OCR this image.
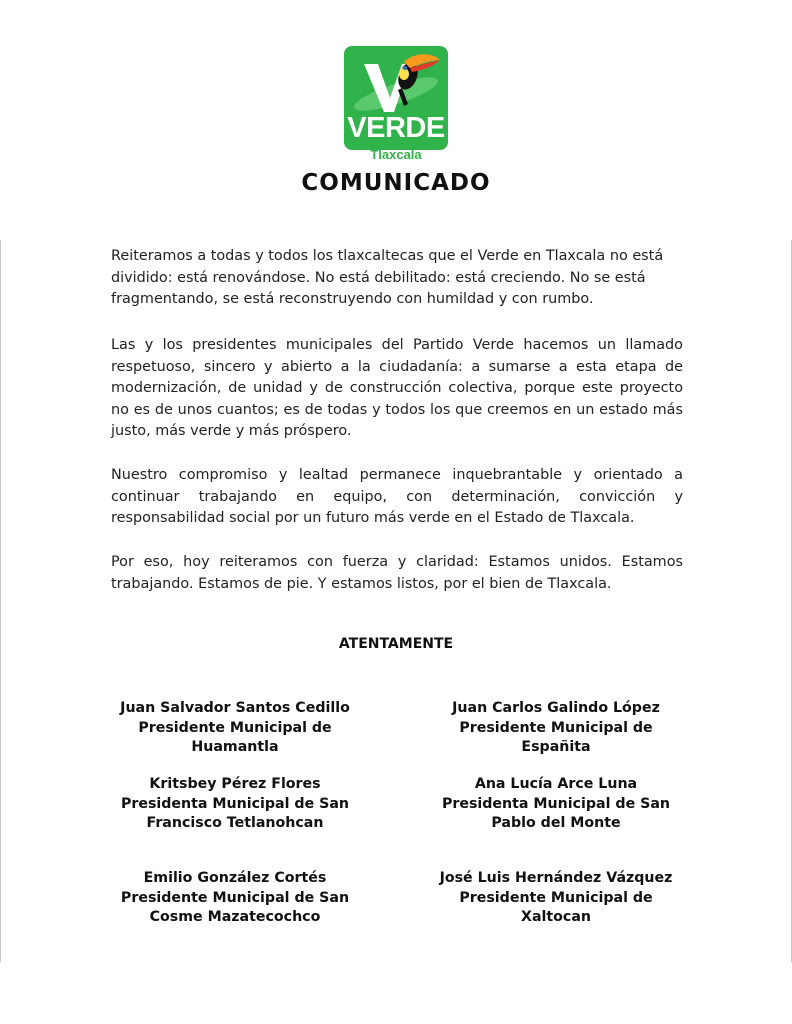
VERDE
Tlaxcala
COMUNICADO

Reiteramos a todas y todos los tlaxcaltecas que el Verde en Tlaxcala no está dividido: está renovándose. No está debilitado: está creciendo. No se está fragmentando, se está reconstruyendo con humildad y con rumbo.

Las y los presidentes municipales del Partido Verde hacemos un llamado respetuoso, sincero y abierto a la ciudadanía: a sumarse a esta etapa de modernización, de unidad y de construcción colectiva, porque este proyecto no es de unos cuantos; es de todas y todos los que creemos en un estado más justo, más verde y más próspero.

Nuestro compromiso y lealtad permanece inquebrantable y orientado a continuar trabajando en equipo, con determinación, convicción y responsabilidad social por un futuro más verde en el Estado de Tlaxcala.

Por eso, hoy reiteramos con fuerza y claridad: Estamos unidos. Estamos trabajando. Estamos de pie. Y estamos listos, por el bien de Tlaxcala.

ATENTAMENTE
Juan Salvador Santos Cedillo
Presidente Municipal de
Huamantla
Juan Carlos Galindo López
Presidente Municipal de
Españita
Kritsbey Pérez Flores
Presidenta Municipal de San
Francisco Tetlanohcan
Ana Lucía Arce Luna
Presidenta Municipal de San
Pablo del Monte
Emilio González Cortés
Presidente Municipal de San
Cosme Mazatecochco
José Luis Hernández Vázquez
Presidente Municipal de
Xaltocan
